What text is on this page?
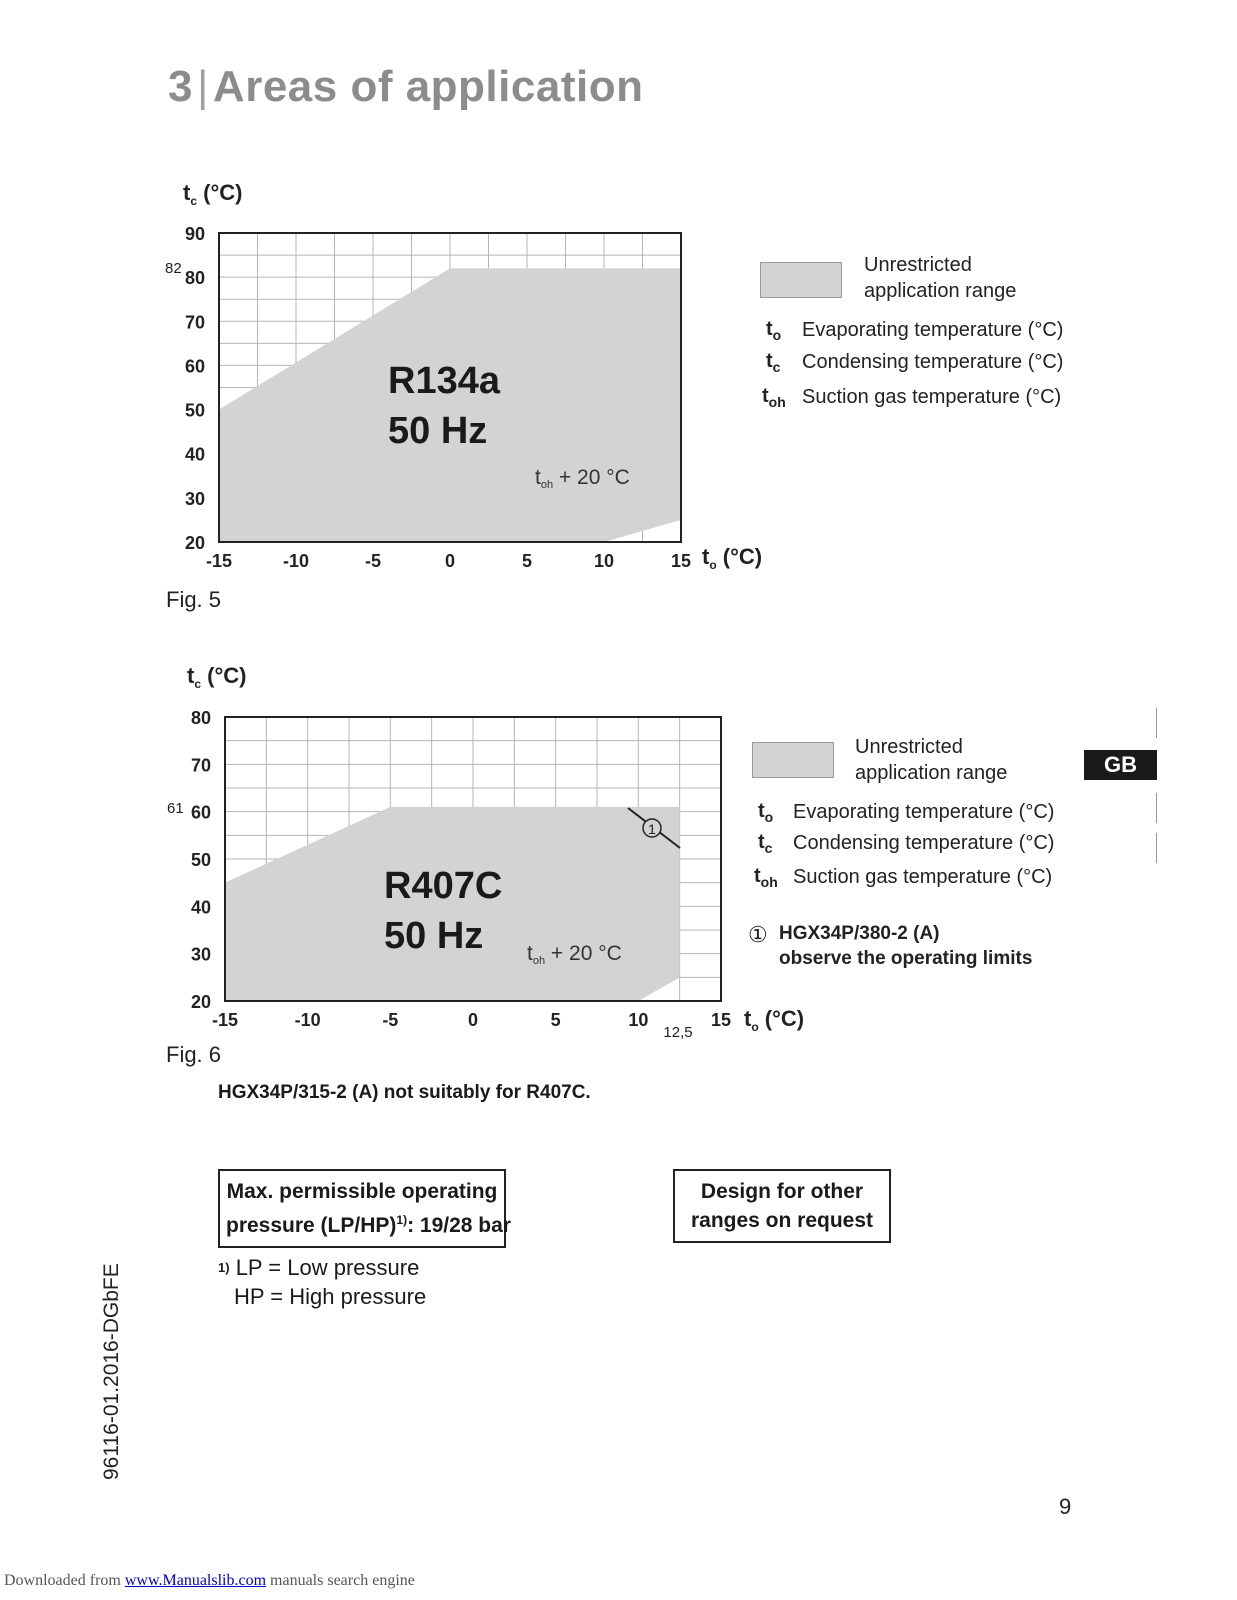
3|Areas of application
90
80
70
60
50
40
30
20
-15	-10	-5	0	5	10	15
$t_c$ (°C)
$t_o$ (°C)
82
R134a
50 Hz
toh + 20 °C
Fig. 5
Unrestricted
application range
$t_o$ Evaporating temperature (°C)
$t_c$ Condensing temperature (°C)
$t_{oh}$ Suction gas temperature (°C)
80
70
60
50
40
30
20
-15	-10	-5	0	5	10	15
1
$t_c$ (°C)
$t_o$ (°C)
61
12,5
R407C
50 Hz toh + 20 °C
Fig. 6
Unrestricted
application range
$t_o$ Evaporating temperature (°C)
$t_c$ Condensing temperature (°C)
$t_{oh}$ Suction gas temperature (°C)
① HGX34P/380-2 (A)
observe the operating limits
HGX34P/315-2 (A) not suitably for R407C.
Max. permissible operating
pressure $(LP/HP)^{1)}$: 19/28 bar
Design for other
ranges on request
$^{1)}$ LP = Low pressure
HP = High pressure
GB
96116-01.2016-DGbFE
9
Downloaded from www.Manualslib.com manuals search engine
